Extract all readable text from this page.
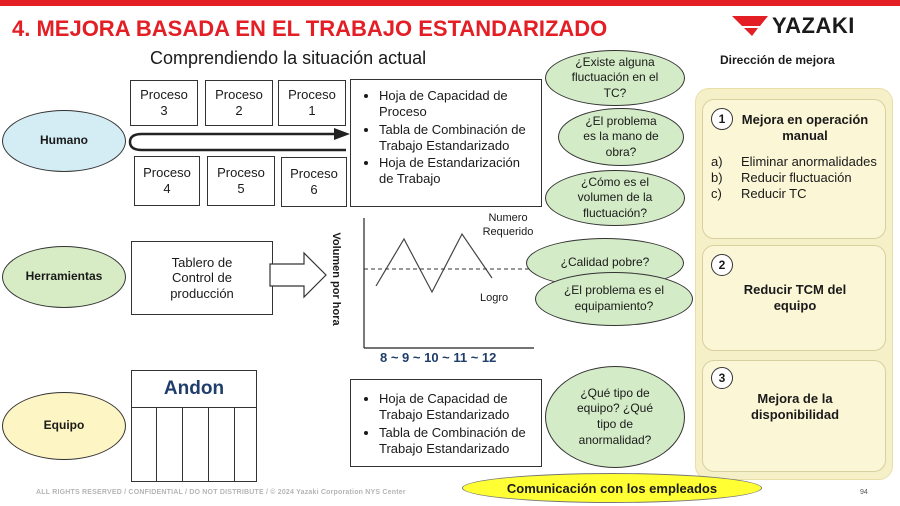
4. MEJORA BASADA EN EL TRABAJO ESTANDARIZADO	YAZAKI
Comprendiendo la situación actual
Humano
Herramientas
Equipo
Proceso 3
Proceso 2
Proceso 1
Proceso 4
Proceso 5
Proceso 6
• Hoja de Capacidad de Proceso
• Tabla de Combinación de Trabajo Estandarizado
• Hoja de Estandarización de Trabajo
Tablero de Control de producción	Volumen por hora
Numero Requerido
Logro
8 ~ 9 ~ 10 ~ 11 ~ 12
Andon
•	Hoja de Capacidad de Trabajo Estandarizado
• Tabla de Combinación de Trabajo Estandarizado
¿Existe alguna fluctuación en el TC?
¿El problema es la mano de obra?
¿Cómo es el volumen de la fluctuación?
¿Calidad pobre?
¿El problema es el equipamiento?
¿Qué tipo de equipo? ¿Qué tipo de anormalidad?
Dirección de mejora
1	Mejora en operación manual
a)	Eliminar anormalidades
b)	Reducir fluctuación
c)	Reducir TC
2
Reducir TCM del equipo
3
Mejora de la disponibilidad
Comunicación con los empleados
ALL RIGHTS RESERVED / CONFIDENTIAL / DO NOT DISTRIBUTE / © 2024 Yazaki Corporation NYS Center	94
